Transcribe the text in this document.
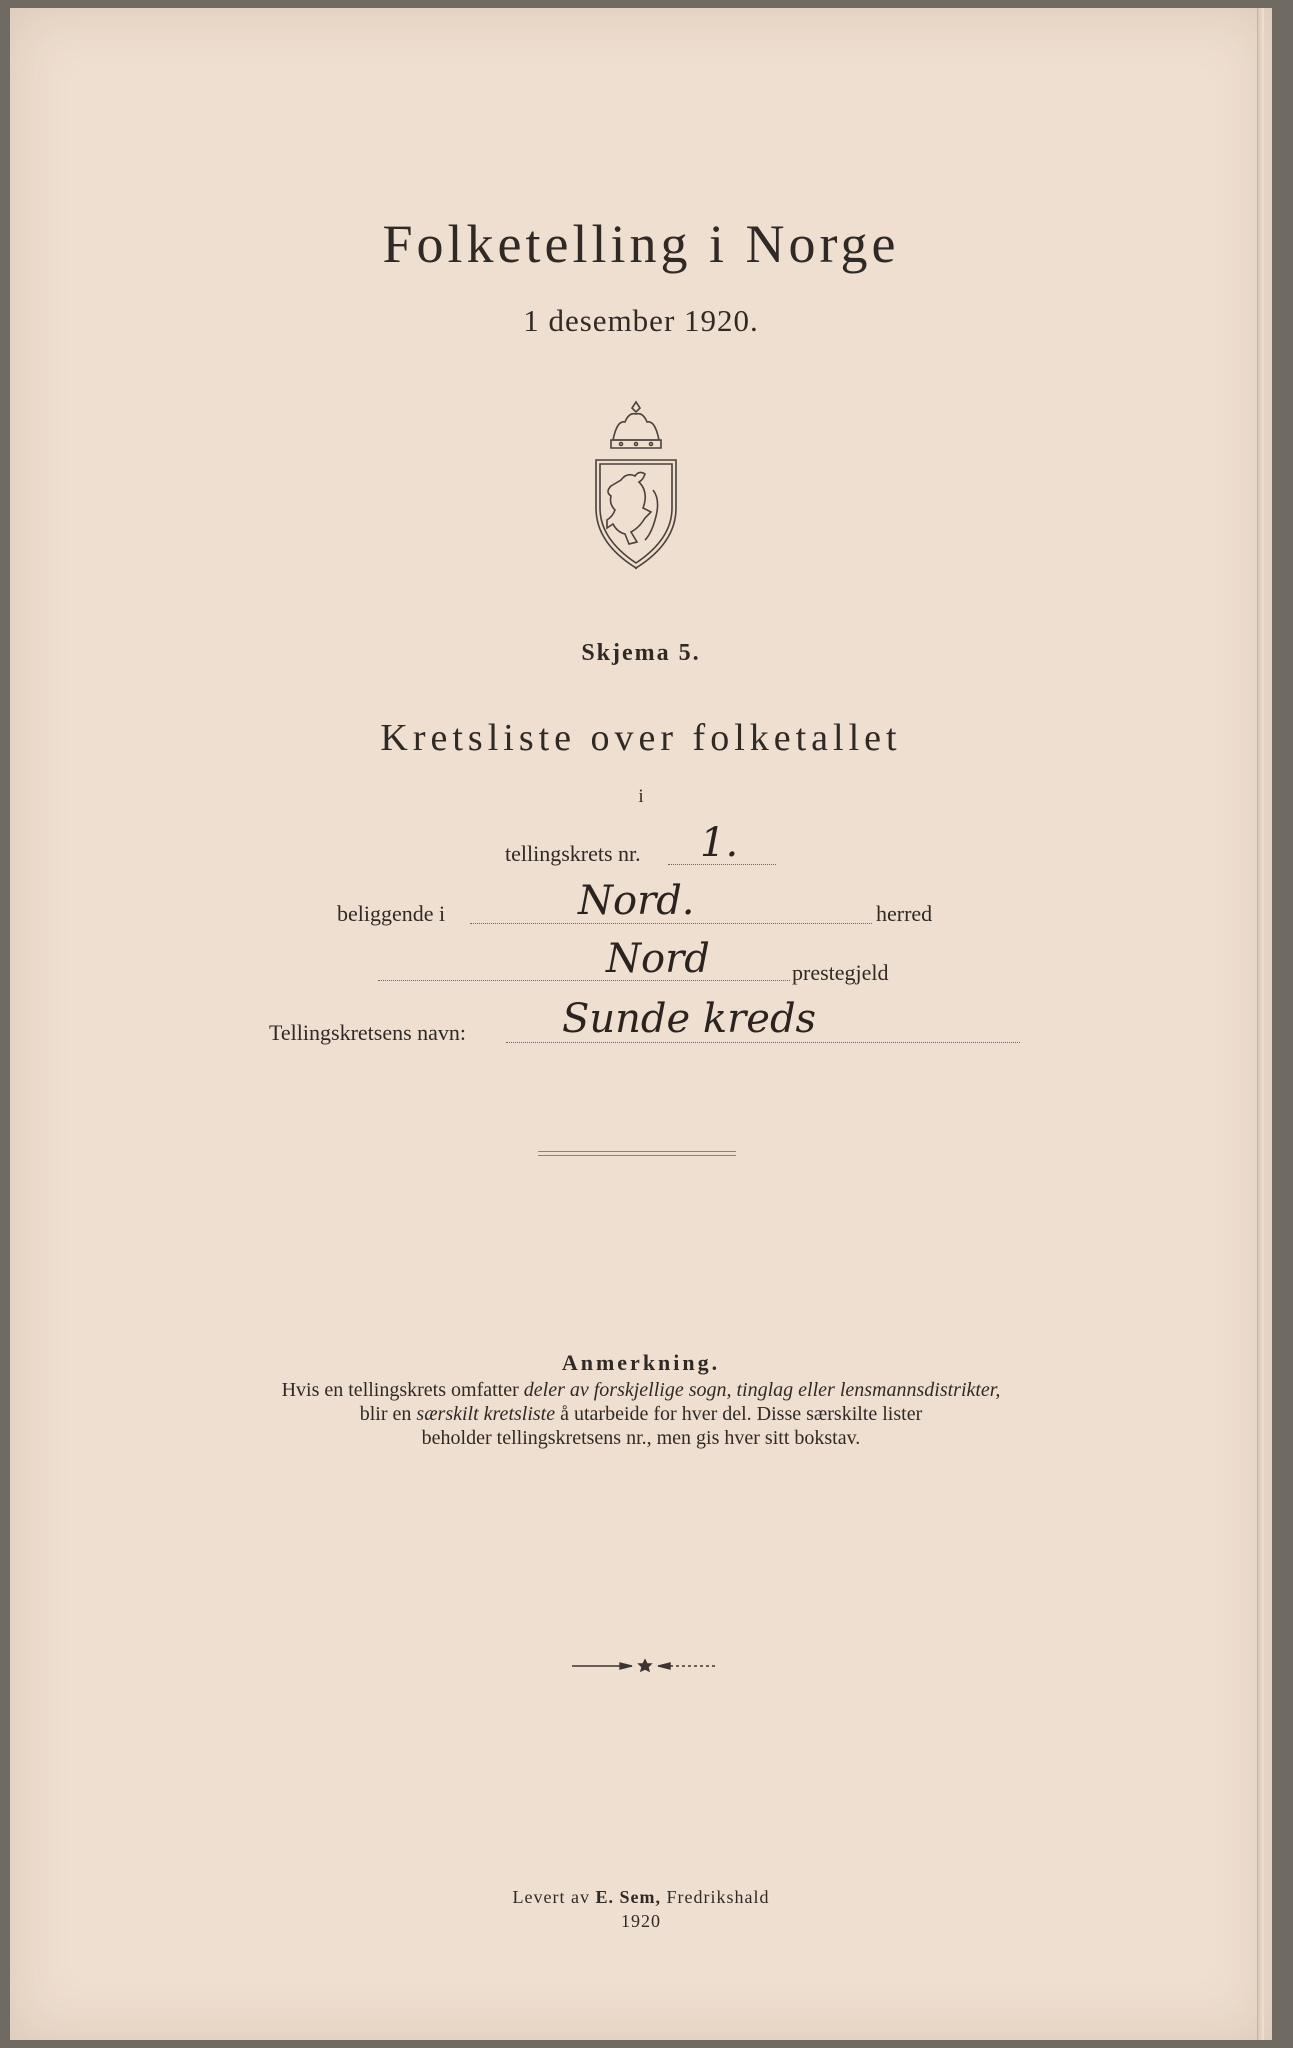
Folketelling i Norge
1 desember 1920.
Skjema 5.
Kretsliste over folketallet
i
tellingskrets nr. 1.
beliggende i	Nord.	herred
Nord	prestegjeld
Tellingskretsens navn: Sunde kreds
Anmerkning.
Hvis en tellingskrets omfatter deler av forskjellige sogn, tinglag eller lensmannsdistrikter,
blir en særskilt kretsliste å utarbeide for hver del. Disse særskilte lister
beholder tellingskretsens nr., men gis hver sitt bokstav.
Levert av E. Sem, Fredrikshald
1920
